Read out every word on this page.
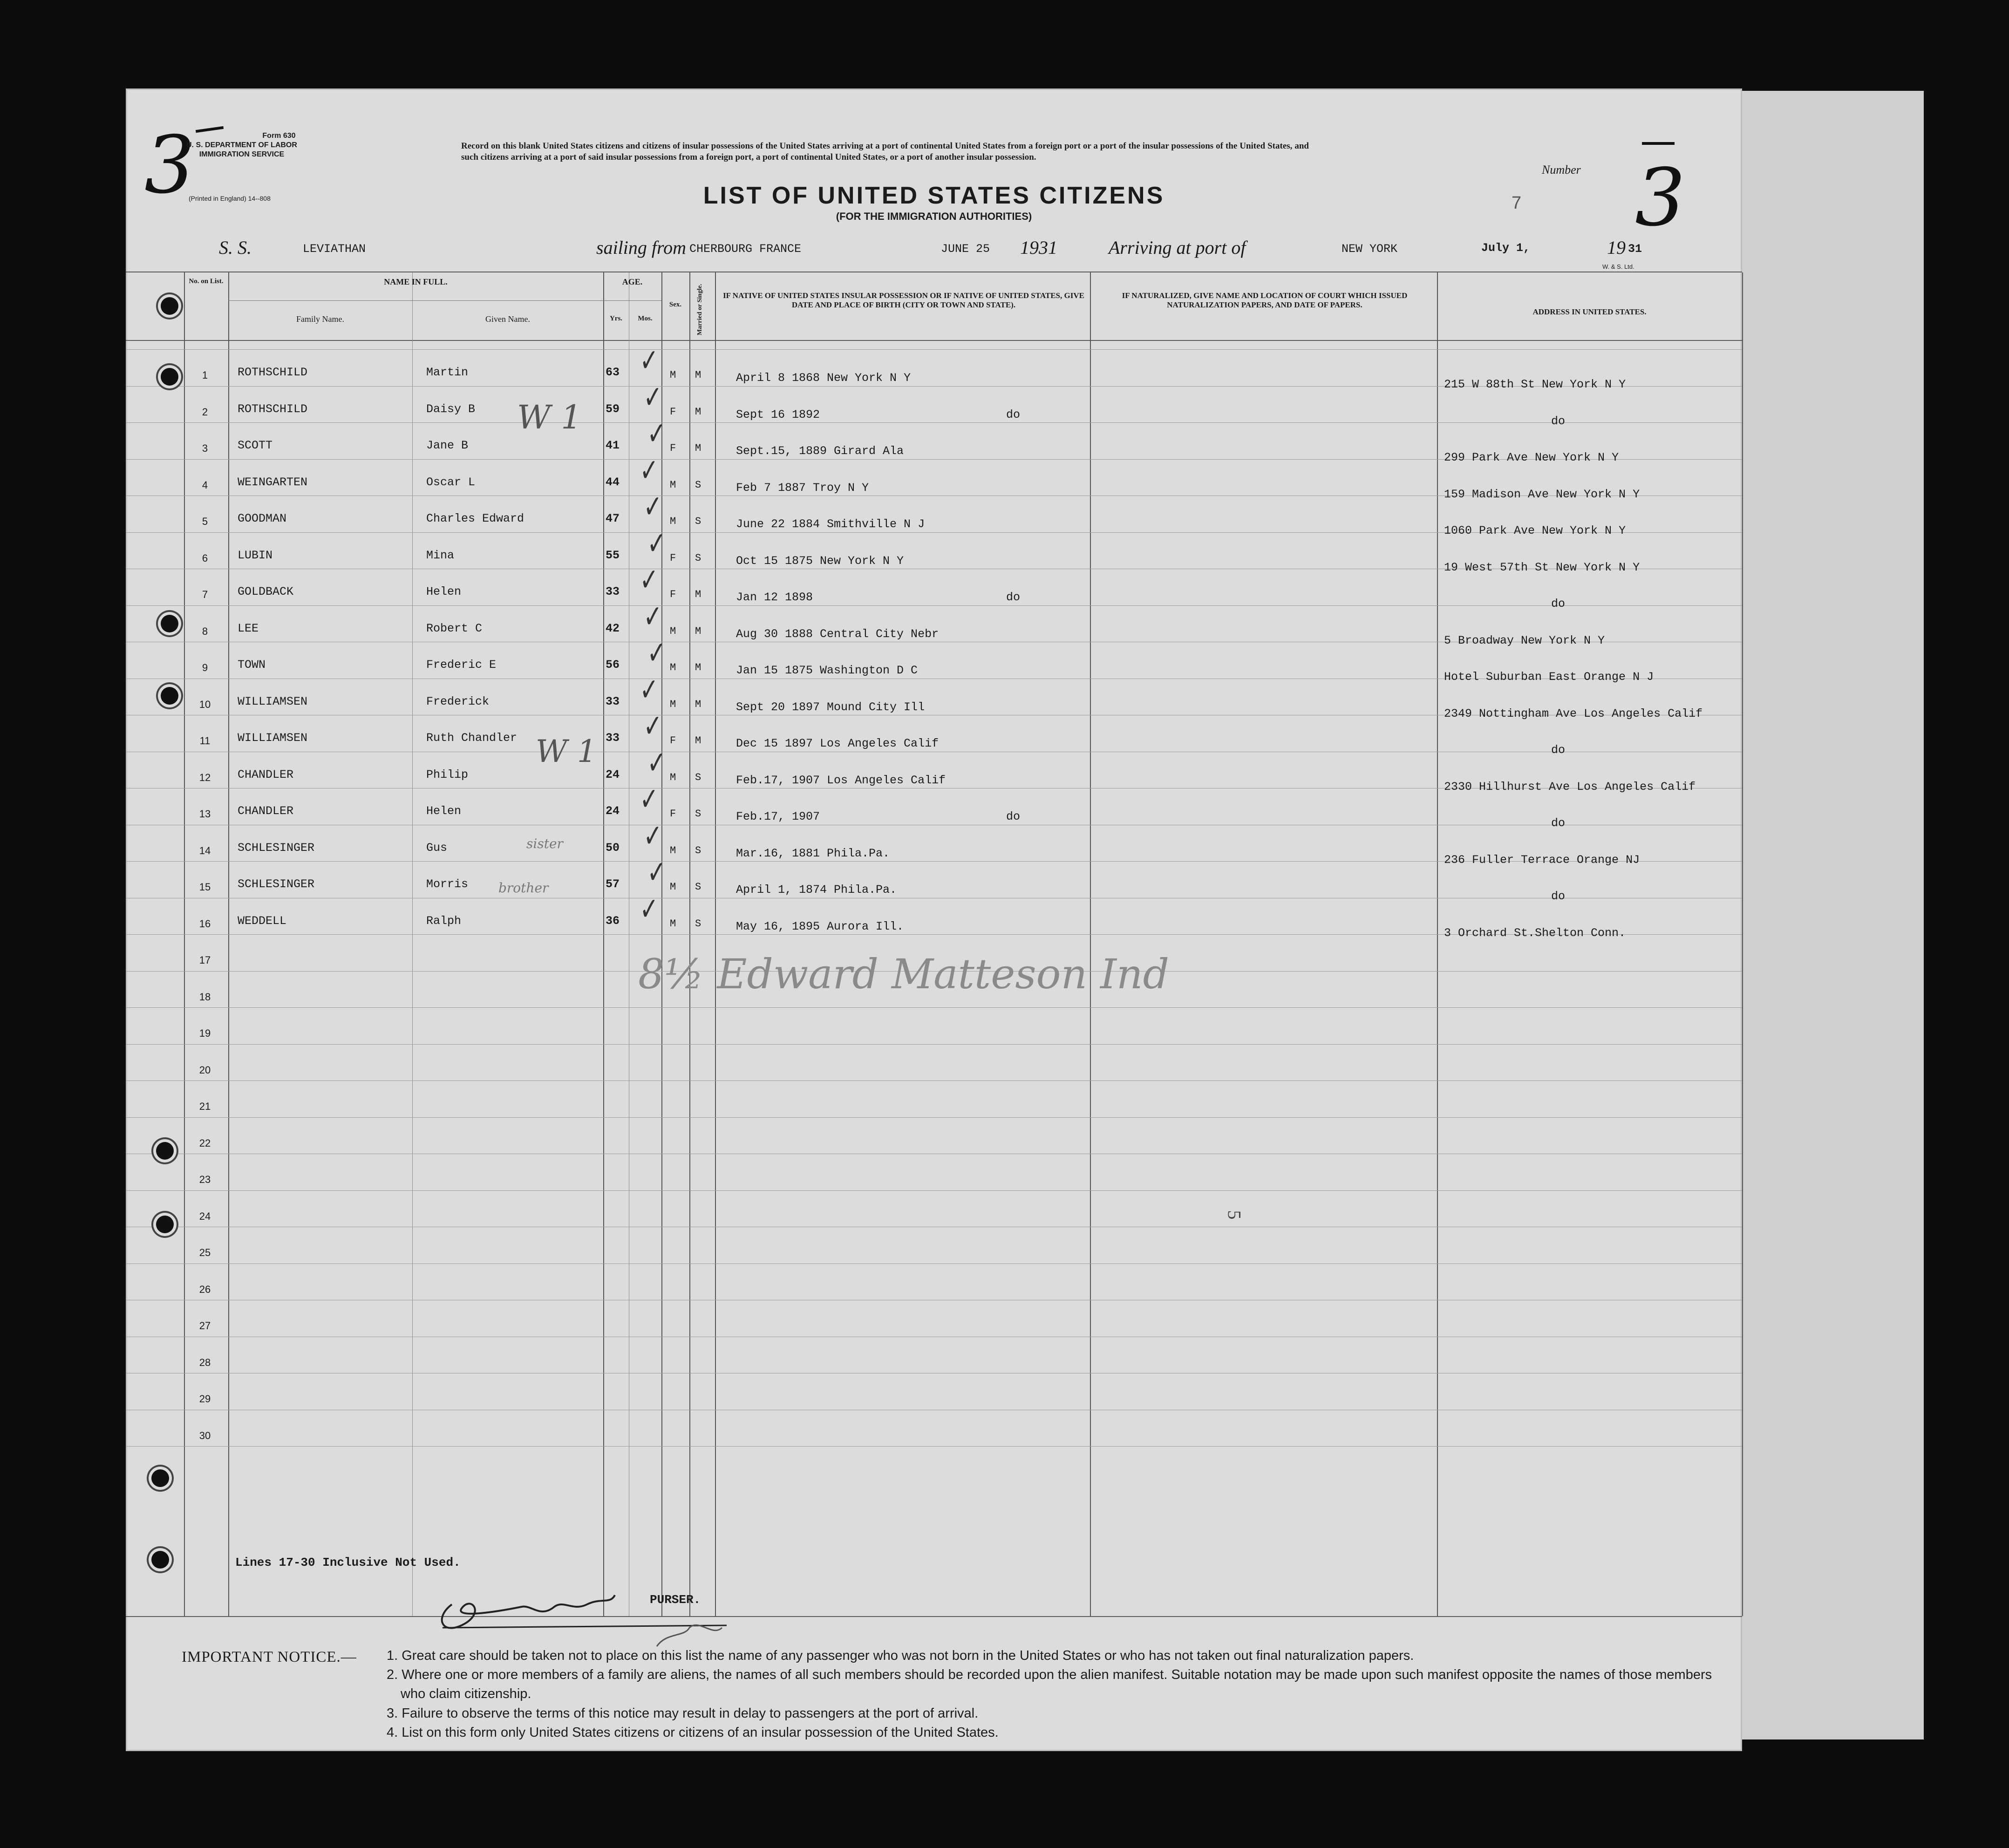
3	3
Form 630
U. S. DEPARTMENT OF LABOR
IMMIGRATION SERVICE
(Printed in England) 14--808
Record on this blank United States citizens and citizens of insular possessions of the United States arriving at a port of continental United States from a foreign port or a port of the insular possessions of the United States, and such citizens arriving at a port of said insular possessions from a foreign port, a port of continental United States, or a port of another insular possession.
Number
7
LIST OF UNITED STATES CITIZENS
(FOR THE IMMIGRATION AUTHORITIES)
S. S.	LEVIATHAN	sailing from CHERBOURG FRANCE	JUNE 25 1931	Arriving at port of	NEW YORK	July 1,	19 31
W. & S. Ltd.
No. on List.	NAME IN FULL.
Family Name.	Given Name.
AGE.
Yrs.	Mos.
Sex.	Married or Single. IF NATIVE OF UNITED STATES INSULAR POSSESSION OR IF NATIVE OF UNITED STATES, GIVE DATE AND PLACE OF BIRTH (CITY OR TOWN AND STATE).
IF NATURALIZED, GIVE NAME AND LOCATION OF COURT WHICH ISSUED NATURALIZATION PAPERS, AND DATE OF PAPERS.
ADDRESS IN UNITED STATES.
1	ROTHSCHILD	Martin	63 ✓ M M	April 8 1868 New York N Y	215 W 88th St New York N Y
2	ROTHSCHILD	Daisy B	59 ✓ F M	Sept 16 1892	do	do
3	SCOTT	Jane B	41 ✓ F M	Sept.15, 1889 Girard Ala	299 Park Ave New York N Y
4	WEINGARTEN	Oscar L	44 ✓ M S	Feb 7 1887 Troy N Y	159 Madison Ave New York N Y
5	GOODMAN	Charles Edward	47 ✓ M S	June 22 1884 Smithville N J	1060 Park Ave New York N Y
6	LUBIN	Mina	55 ✓ F S	Oct 15 1875 New York N Y	19 West 57th St New York N Y
7	GOLDBACK	Helen	33 ✓ F M	Jan 12 1898	do	do
8	LEE	Robert C	42 ✓ M M	Aug 30 1888 Central City Nebr	5 Broadway New York N Y
9	TOWN	Frederic E	56 ✓ M M	Jan 15 1875 Washington D C	Hotel Suburban East Orange N J
10	WILLIAMSEN	Frederick	33 ✓ M M	Sept 20 1897 Mound City Ill	2349 Nottingham Ave Los Angeles Calif
11	WILLIAMSEN	Ruth Chandler	33 ✓ F M	Dec 15 1897 Los Angeles Calif	do
12	CHANDLER	Philip	24 ✓ M S	Feb.17, 1907 Los Angeles Calif	2330 Hillhurst Ave Los Angeles Calif
13	CHANDLER	Helen	24 ✓ F S	Feb.17, 1907	do	do
14	SCHLESINGER	Gus	50 ✓ M S	Mar.16, 1881 Phila.Pa.	236 Fuller Terrace Orange NJ
15	SCHLESINGER	Morris	57 ✓ M S	April 1, 1874 Phila.Pa.	do
16	WEDDELL	Ralph	36 ✓ M S	May 16, 1895 Aurora Ill.	3 Orchard St.Shelton Conn.
17
18
19
20
21
22
23
24
25
26
27
28
29
30
W 1
W 1
sister
brother
8½ Edward Matteson Ind
5
Lines 17-30 Inclusive Not Used.
PURSER.
IMPORTANT NOTICE.— 1. Great care should be taken not to place on this list the name of any passenger who was not born in the United States or who has not taken out final naturalization papers.
2. Where one or more members of a family are aliens, the names of all such members should be recorded upon the alien manifest. Suitable notation may be made upon such manifest opposite the names of those members who claim citizenship.
3. Failure to observe the terms of this notice may result in delay to passengers at the port of arrival.
4. List on this form only United States citizens or citizens of an insular possession of the United States.
